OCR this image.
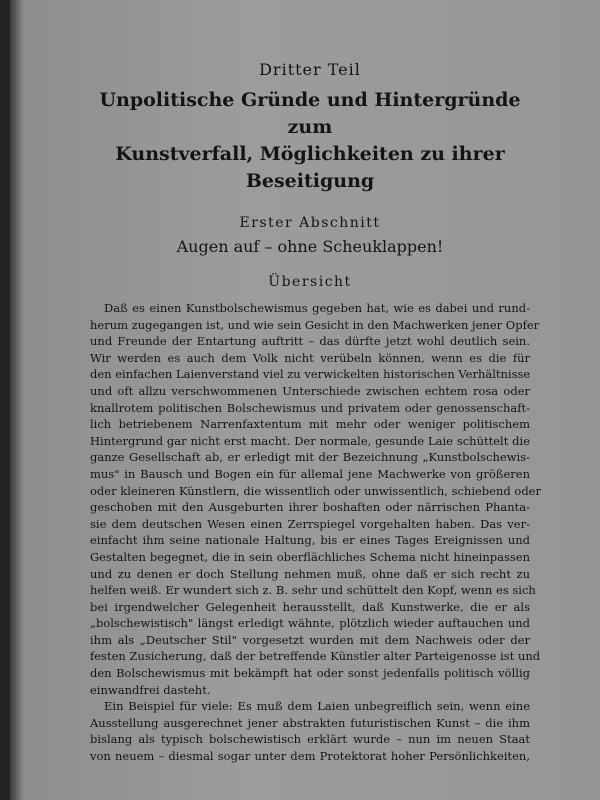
Dritter Teil
Unpolitische Gründe und Hintergründe zum
Kunstverfall, Möglichkeiten zu ihrer Beseitigung
Erster Abschnitt
Augen auf – ohne Scheuklappen!
Übersicht
Daß es einen Kunstbolschewismus gegeben hat, wie es dabei und rund-
herum zugegangen ist, und wie sein Gesicht in den Machwerken jener Opfer
und Freunde der Entartung auftritt – das dürfte jetzt wohl deutlich sein.
Wir werden es auch dem Volk nicht verübeln können, wenn es die für
den einfachen Laienverstand viel zu verwickelten historischen Verhältnisse
und oft allzu verschwommenen Unterschiede zwischen echtem rosa oder
knallrotem politischen Bolschewismus und privatem oder genossenschaft-
lich betriebenem Narrenfaxtentum mit mehr oder weniger politischem
Hintergrund gar nicht erst macht. Der normale, gesunde Laie schüttelt die
ganze Gesellschaft ab, er erledigt mit der Bezeichnung „Kunstbolschewis-
mus" in Bausch und Bogen ein für allemal jene Machwerke von größeren
oder kleineren Künstlern, die wissentlich oder unwissentlich, schiebend oder
geschoben mit den Ausgeburten ihrer boshaften oder närrischen Phanta-
sie dem deutschen Wesen einen Zerrspiegel vorgehalten haben. Das ver-
einfacht ihm seine nationale Haltung, bis er eines Tages Ereignissen und
Gestalten begegnet, die in sein oberflächliches Schema nicht hineinpassen
und zu denen er doch Stellung nehmen muß, ohne daß er sich recht zu
helfen weiß. Er wundert sich z. B. sehr und schüttelt den Kopf, wenn es sich
bei irgendwelcher Gelegenheit herausstellt, daß Kunstwerke, die er als
„bolschewistisch" längst erledigt wähnte, plötzlich wieder auftauchen und
ihm als „Deutscher Stil" vorgesetzt wurden mit dem Nachweis oder der
festen Zusicherung, daß der betreffende Künstler alter Parteigenosse ist und
den Bolschewismus mit bekämpft hat oder sonst jedenfalls politisch völlig
einwandfrei dasteht.
Ein Beispiel für viele: Es muß dem Laien unbegreiflich sein, wenn eine
Ausstellung ausgerechnet jener abstrakten futuristischen Kunst – die ihm
bislang als typisch bolschewistisch erklärt wurde – nun im neuen Staat
von neuem – diesmal sogar unter dem Protektorat hoher Persönlichkeiten,
